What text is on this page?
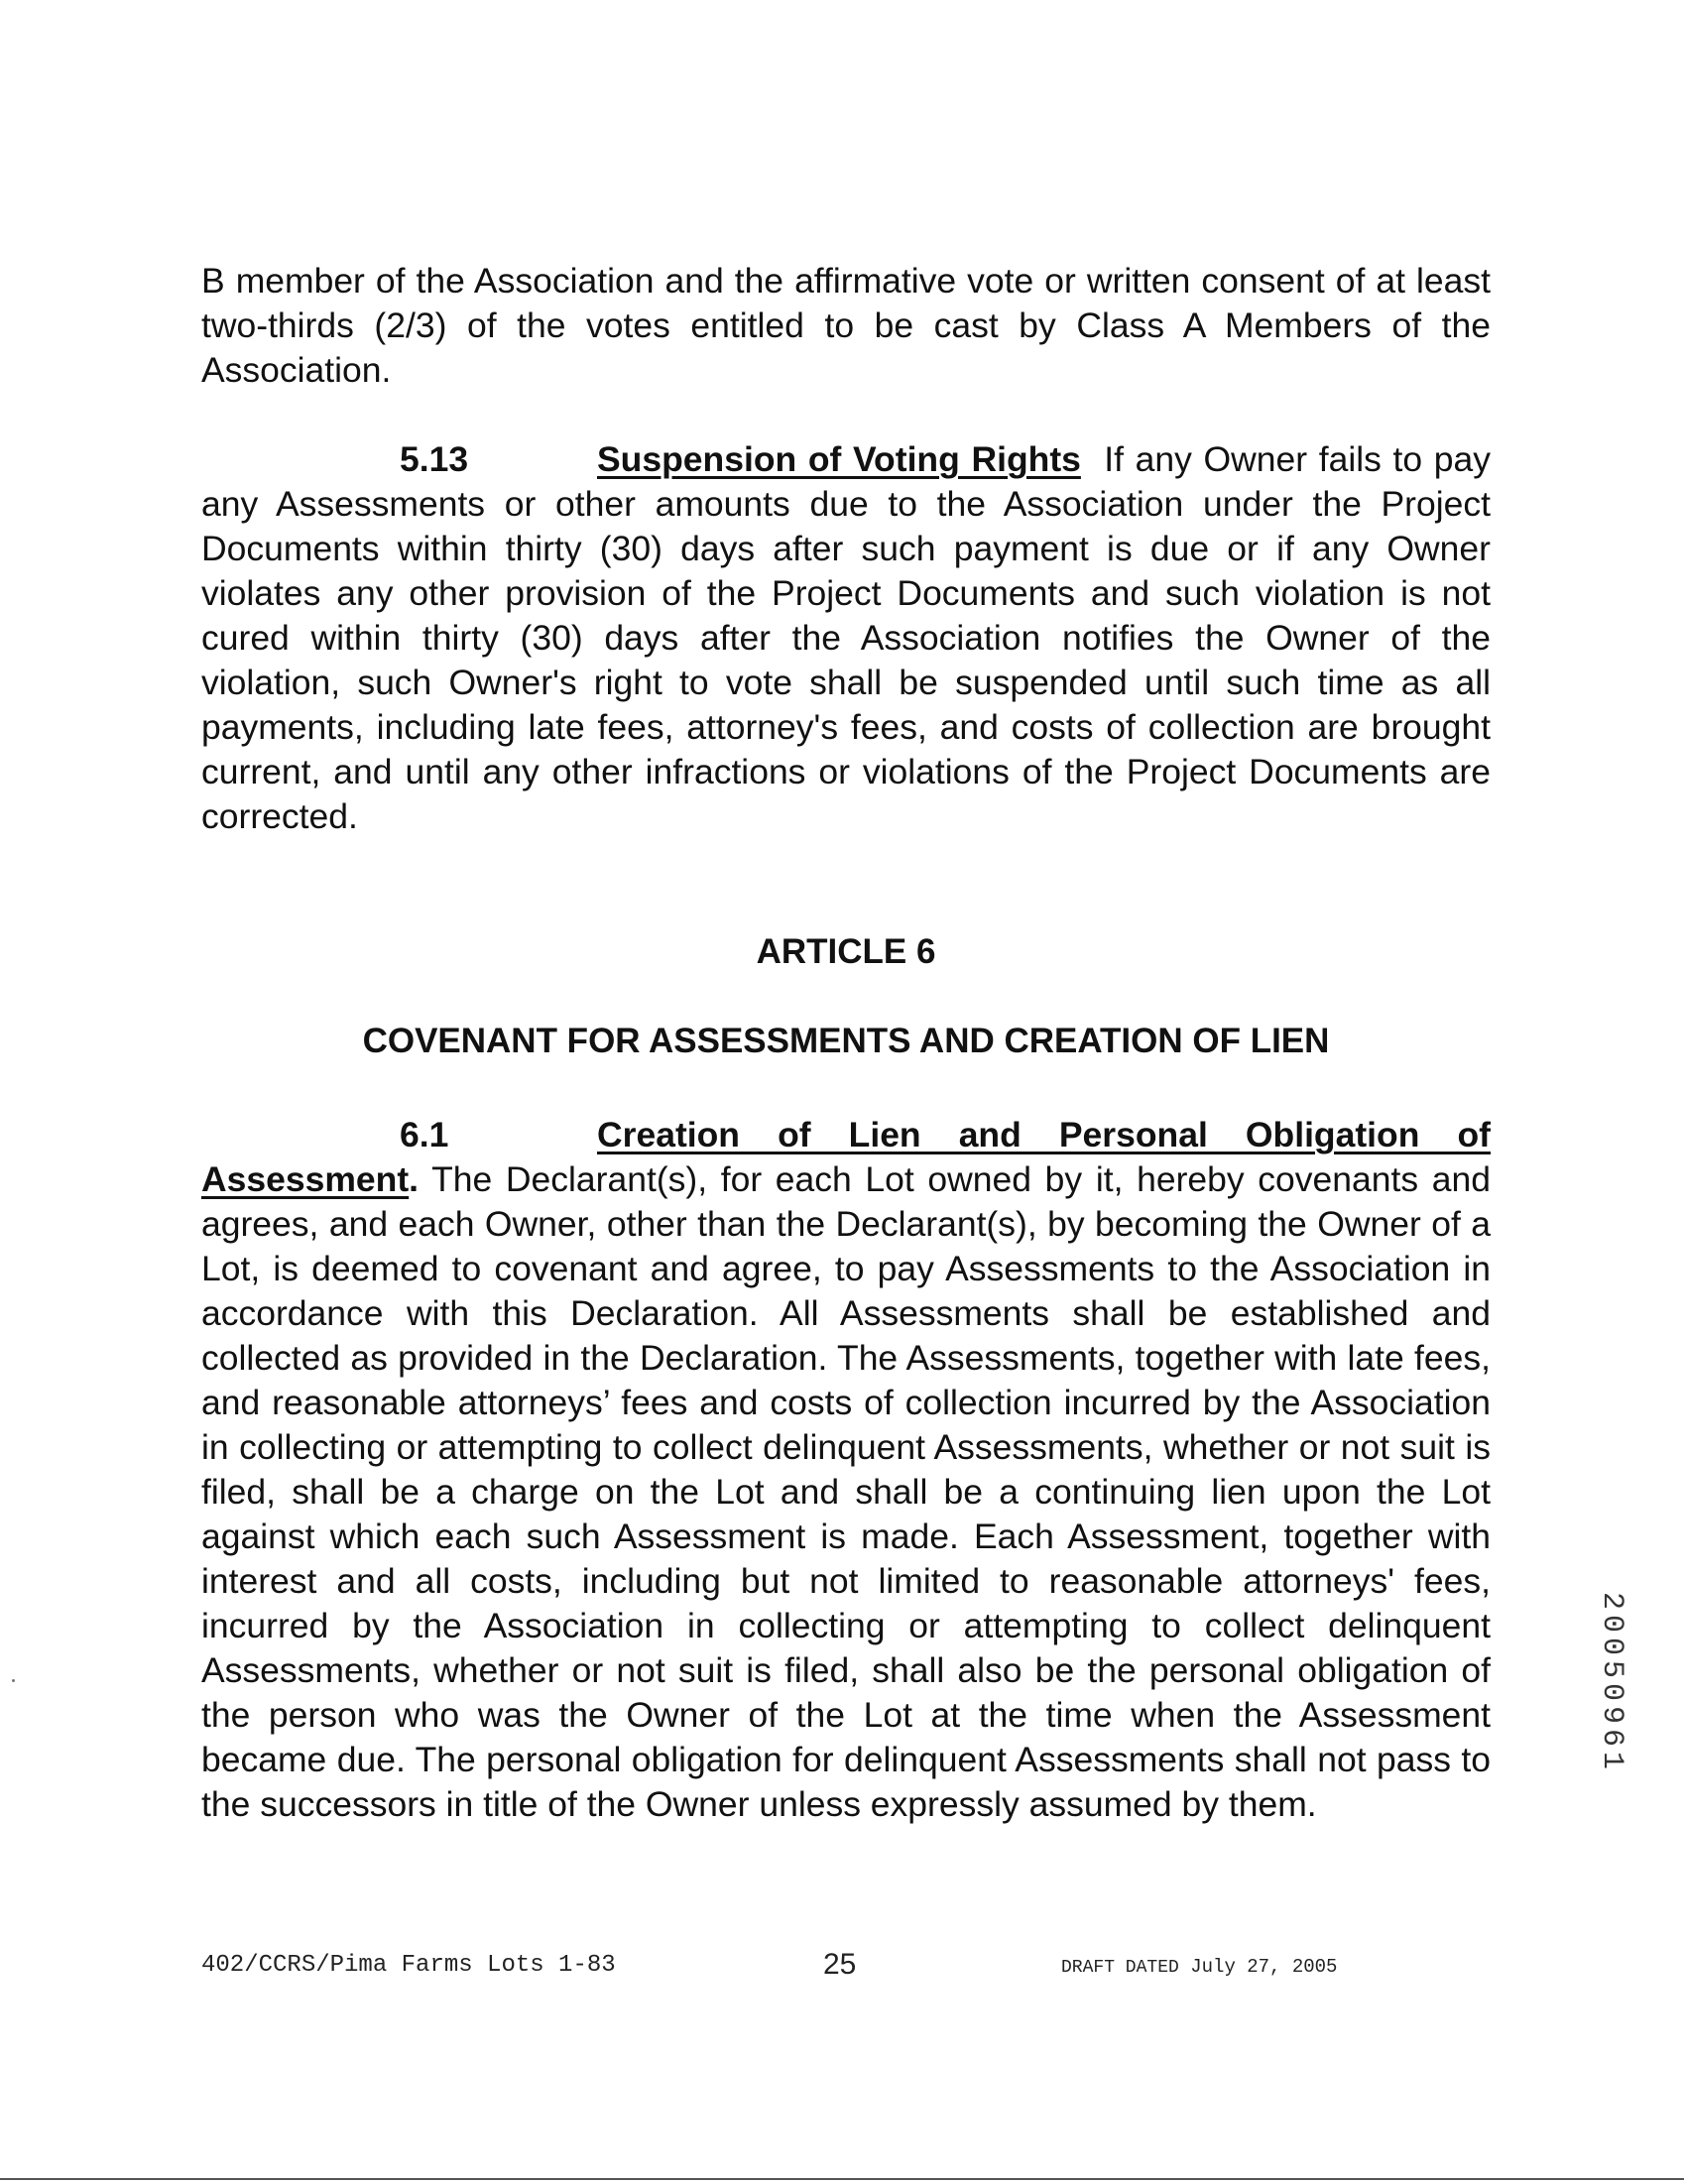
B member of the Association and the affirmative vote or written consent of at least two-thirds (2/3) of the votes entitled to be cast by Class A Members of the Association.

5.13	Suspension of Voting Rights If any Owner fails to pay any Assessments or other amounts due to the Association under the Project Documents within thirty (30) days after such payment is due or if any Owner violates any other provision of the Project Documents and such violation is not cured within thirty (30) days after the Association notifies the Owner of the violation, such Owner's right to vote shall be suspended until such time as all payments, including late fees, attorney's fees, and costs of collection are brought current, and until any other infractions or violations of the Project Documents are corrected.

ARTICLE 6
COVENANT FOR ASSESSMENTS AND CREATION OF LIEN

6.1	Creation of Lien and Personal Obligation of Assessment. The Declarant(s), for each Lot owned by it, hereby covenants and agrees, and each Owner, other than the Declarant(s), by becoming the Owner of a Lot, is deemed to covenant and agree, to pay Assessments to the Association in accordance with this Declaration. All Assessments shall be established and collected as provided in the Declaration. The Assessments, together with late fees, and reasonable attorneys’ fees and costs of collection incurred by the Association in collecting or attempting to collect delinquent Assessments, whether or not suit is filed, shall be a charge on the Lot and shall be a continuing lien upon the Lot against which each such Assessment is made. Each Assessment, together with interest and all costs, including but not limited to reasonable attorneys' fees, incurred by the Association in collecting or attempting to collect delinquent Assessments, whether or not suit is filed, shall also be the personal obligation of the person who was the Owner of the Lot at the time when the Assessment became due. The personal obligation for delinquent Assessments shall not pass to the successors in title of the Owner unless expressly assumed by them.

402/CCRS/Pima Farms Lots 1-83	25	DRAFT DATED July 27, 2005
20050961
